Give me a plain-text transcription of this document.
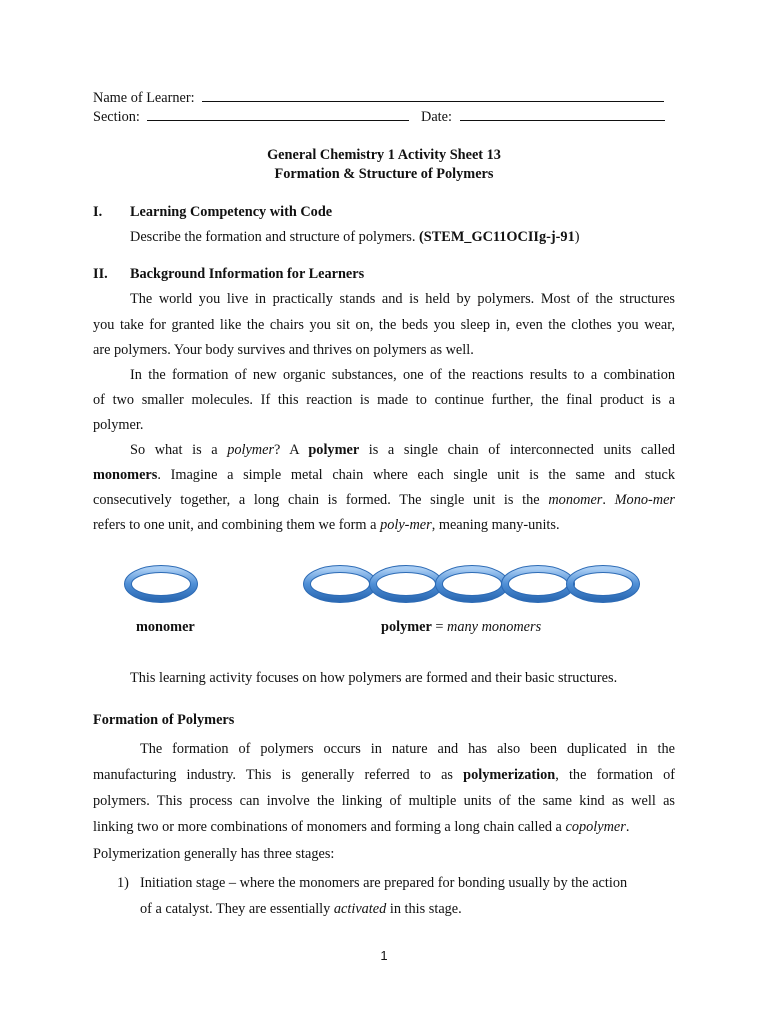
Name of Learner:
Section:	Date:
General Chemistry 1 Activity Sheet 13
Formation & Structure of Polymers
I. Learning Competency with Code
Describe the formation and structure of polymers. (STEM_GC11OCIIg-j-91)
II. Background Information for Learners
The world you live in practically stands and is held by polymers. Most of the structures
you take for granted like the chairs you sit on, the beds you sleep in, even the clothes you wear,
are polymers. Your body survives and thrives on polymers as well.
In the formation of new organic substances, one of the reactions results to a combination
of two smaller molecules. If this reaction is made to continue further, the final product is a
polymer.
So what is a polymer? A polymer is a single chain of interconnected units called
monomers. Imagine a simple metal chain where each single unit is the same and stuck
consecutively together, a long chain is formed. The single unit is the monomer. Mono-mer
refers to one unit, and combining them we form a poly-mer, meaning many-units.
monomer	polymer = many monomers
This learning activity focuses on how polymers are formed and their basic structures.
Formation of Polymers
The formation of polymers occurs in nature and has also been duplicated in the
manufacturing industry. This is generally referred to as polymerization, the formation of
polymers. This process can involve the linking of multiple units of the same kind as well as
linking two or more combinations of monomers and forming a long chain called a copolymer.
Polymerization generally has three stages:
1) Initiation stage – where the monomers are prepared for bonding usually by the action
of a catalyst. They are essentially activated in this stage.
1
